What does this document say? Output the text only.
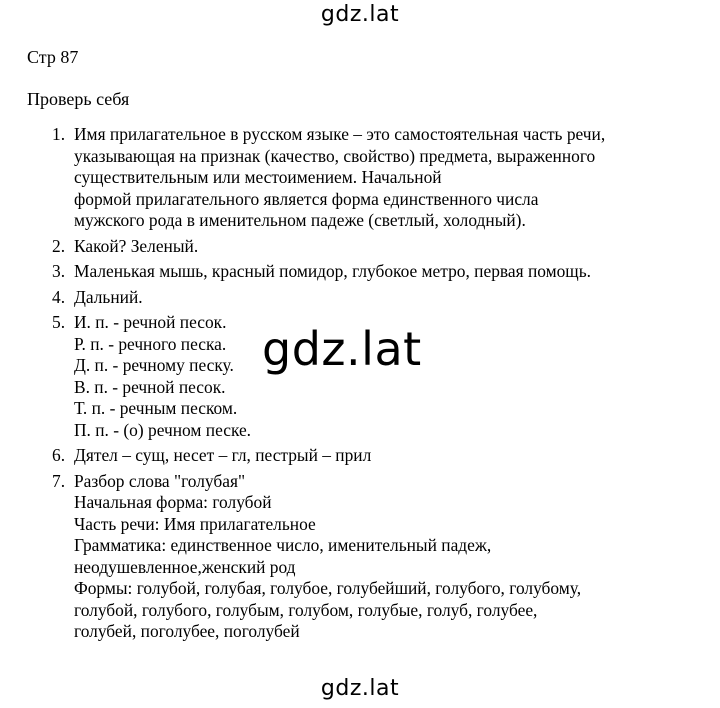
gdz.lat
Стр 87
Проверь себя
1. Имя прилагательное в русском языке – это самостоятельная часть речи,
указывающая на признак (качество, свойство) предмета, выраженного
существительным или местоимением. Начальной
формой прилагательного является форма единственного числа
мужского рода в именительном падеже (светлый, холодный).
2. Какой? Зеленый.
3. Маленькая мышь, красный помидор, глубокое метро, первая помощь.
4. Дальний.
5. И. п. - речной песок.
Р. п. - речного песка.
Д. п. - речному песку.
В. п. - речной песок.
Т. п. - речным песком.
П. п. - (о) речном песке.
6. Дятел – сущ, несет – гл, пестрый – прил
7. Разбор слова "голубая"
Начальная форма: голубой
Часть речи: Имя прилагательное
Грамматика: единственное число, именительный падеж,
неодушевленное,женский род
Формы: голубой, голубая, голубое, голубейший, голубого, голубому,
голубой, голубого, голубым, голубом, голубые, голуб, голубее,
голубей, поголубее, поголубей
gdz.lat
gdz.lat
